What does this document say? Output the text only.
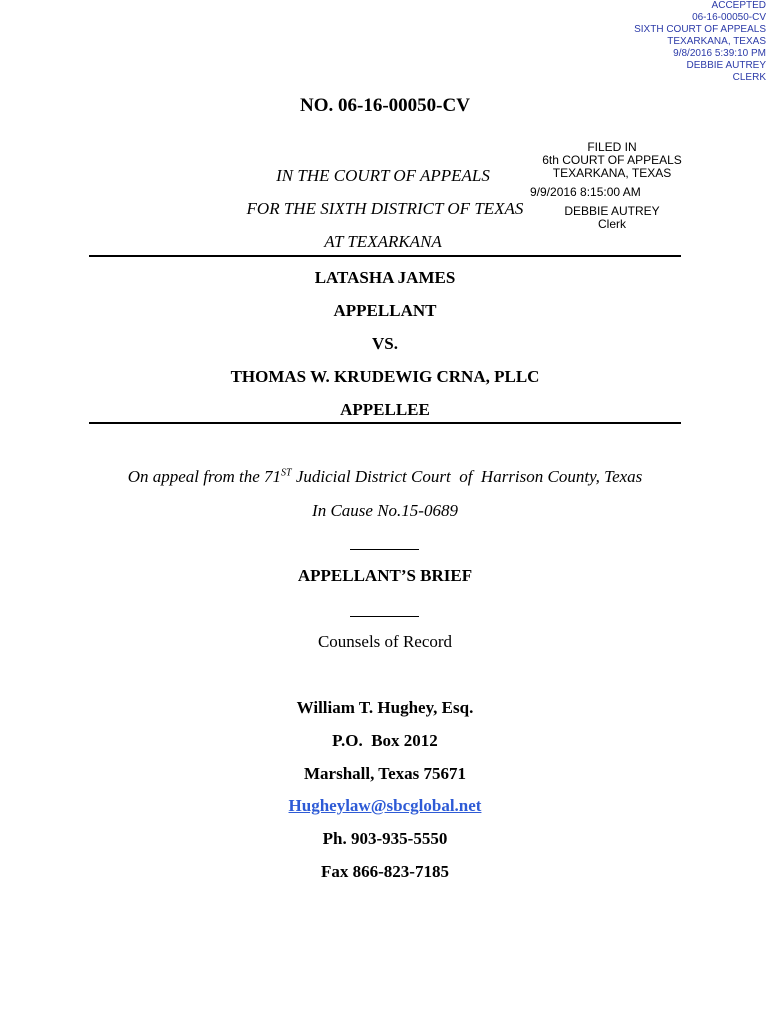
ACCEPTED
06-16-00050-CV
SIXTH COURT OF APPEALS
TEXARKANA, TEXAS
9/8/2016 5:39:10 PM
DEBBIE AUTREY
CLERK
NO. 06-16-00050-CV
FILED IN
6th COURT OF APPEALS
TEXARKANA, TEXAS
9/9/2016 8:15:00 AM
DEBBIE AUTREY
Clerk
IN THE COURT OF APPEALS
FOR THE SIXTH DISTRICT OF TEXAS
AT TEXARKANA
LATASHA JAMES
APPELLANT
VS.
THOMAS W. KRUDEWIG CRNA, PLLC
APPELLEE
On appeal from the 71ST Judicial District Court  of  Harrison County, Texas
In Cause No.15-0689
APPELLANT’S BRIEF
Counsels of Record
William T. Hughey, Esq.
P.O.  Box 2012
Marshall, Texas 75671
Hugheylaw@sbcglobal.net
Ph. 903-935-5550
Fax 866-823-7185
